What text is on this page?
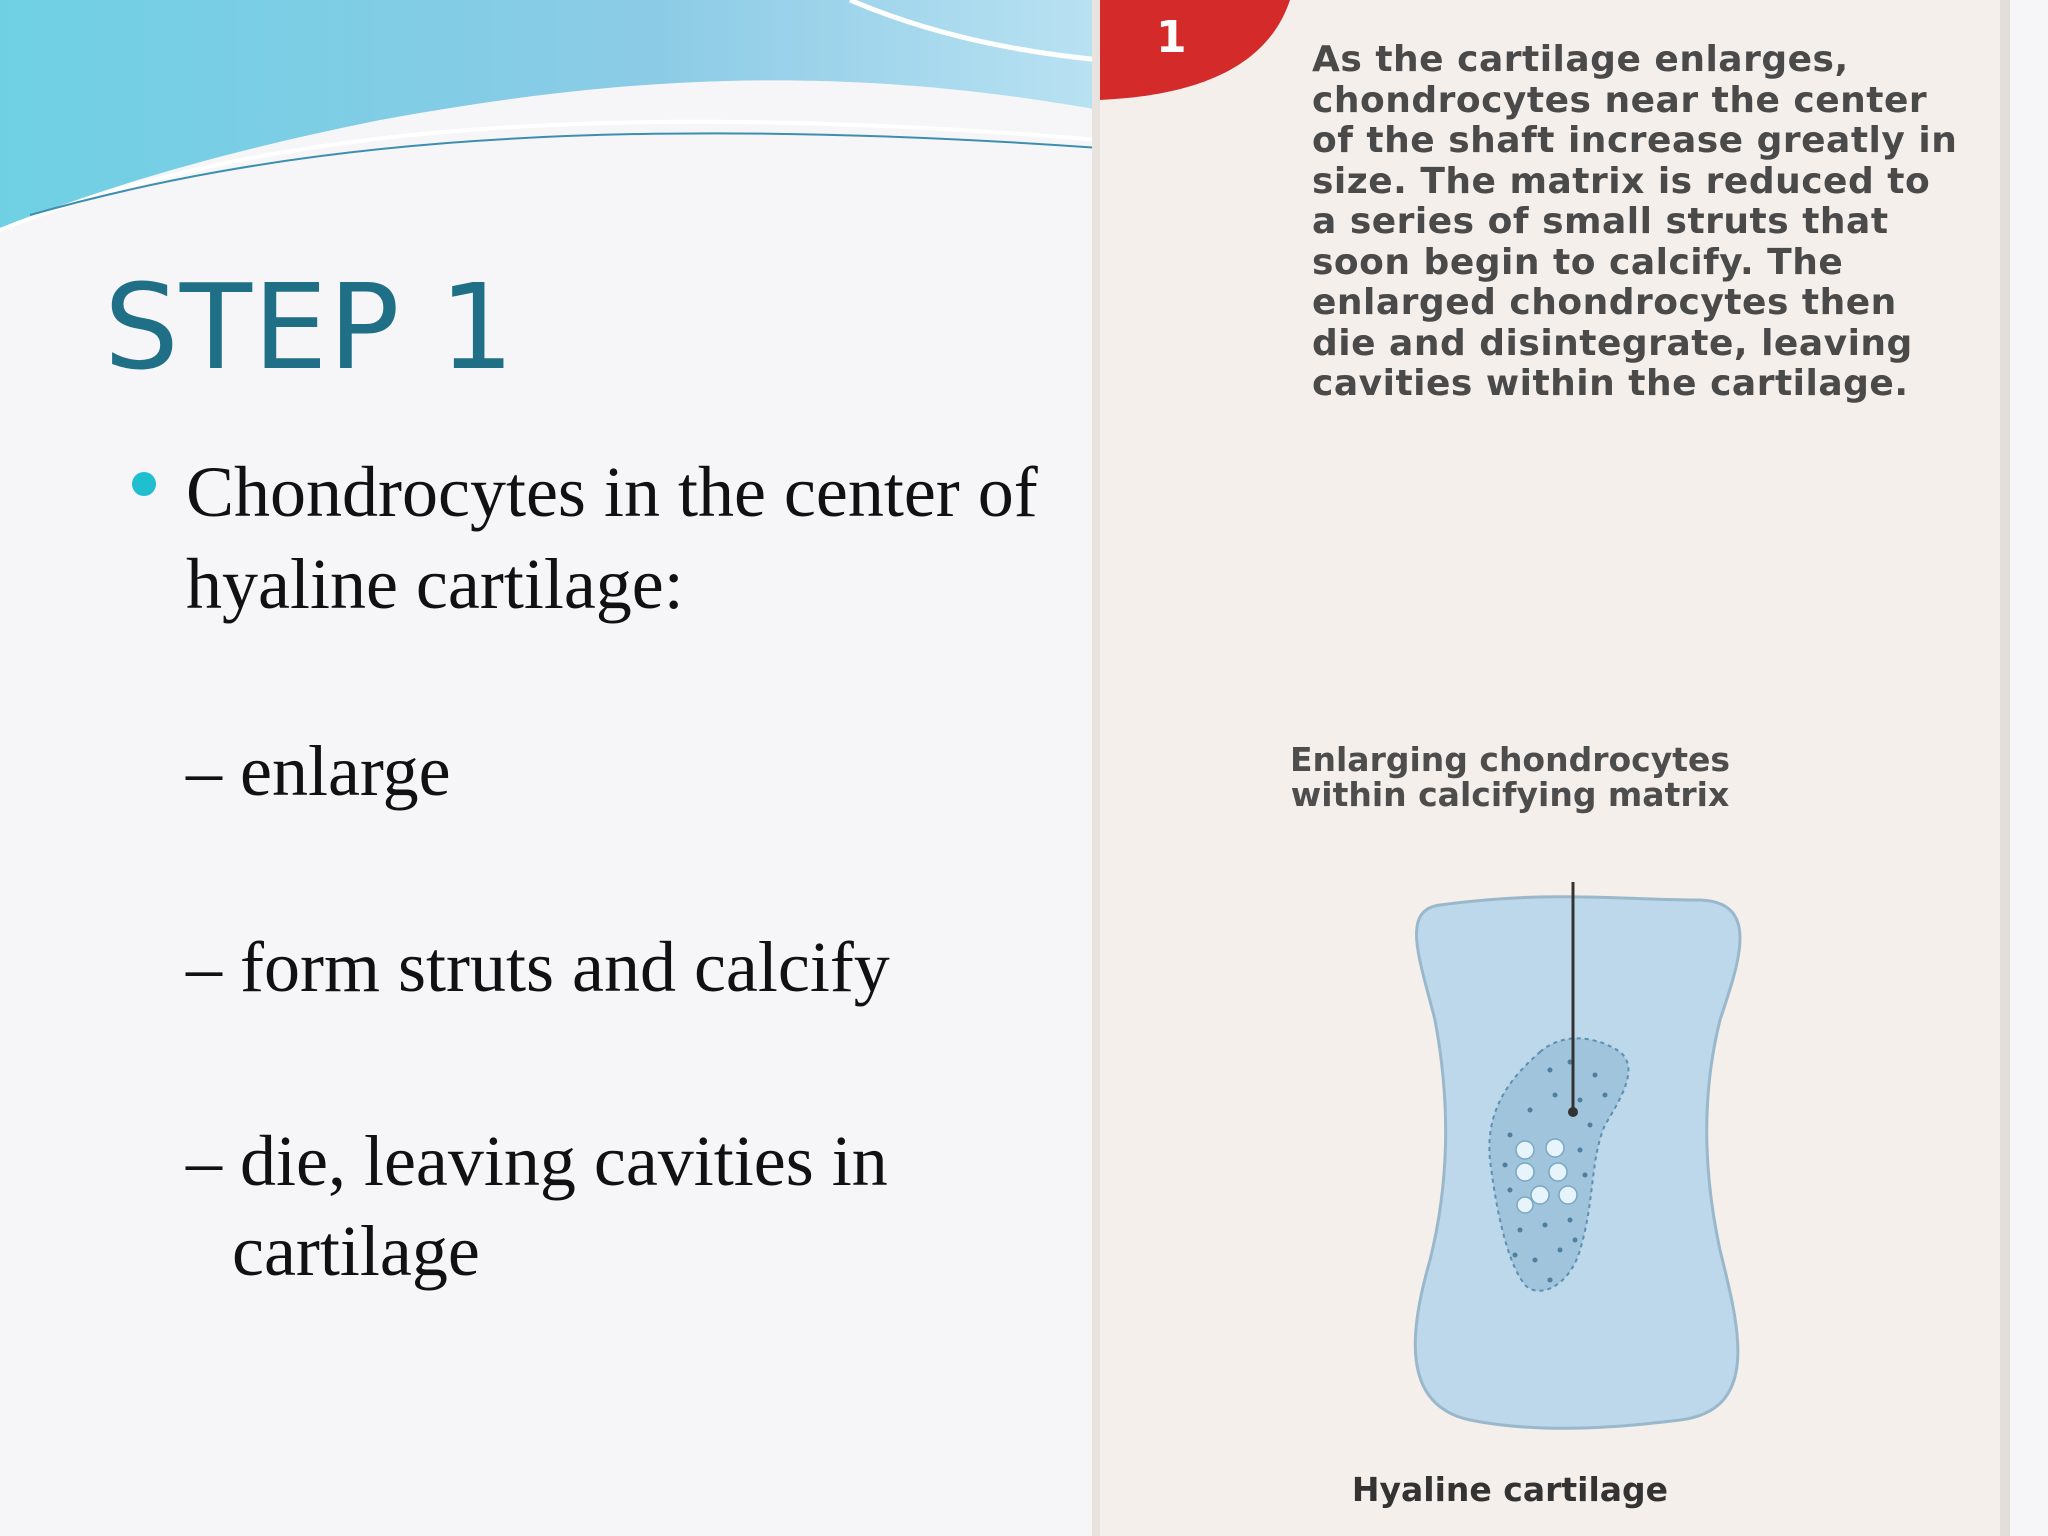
STEP 1
Chondrocytes in the center of hyaline cartilage:
– enlarge
– form struts and calcify
– die, leaving cavities in
cartilage
1	As the cartilage enlarges, chondrocytes near the center of the shaft increase greatly in size. The matrix is reduced to a series of small struts that soon begin to calcify. The enlarged chondrocytes then die and disintegrate, leaving cavities within the cartilage.
Enlarging chondrocytes within calcifying matrix
Hyaline cartilage
